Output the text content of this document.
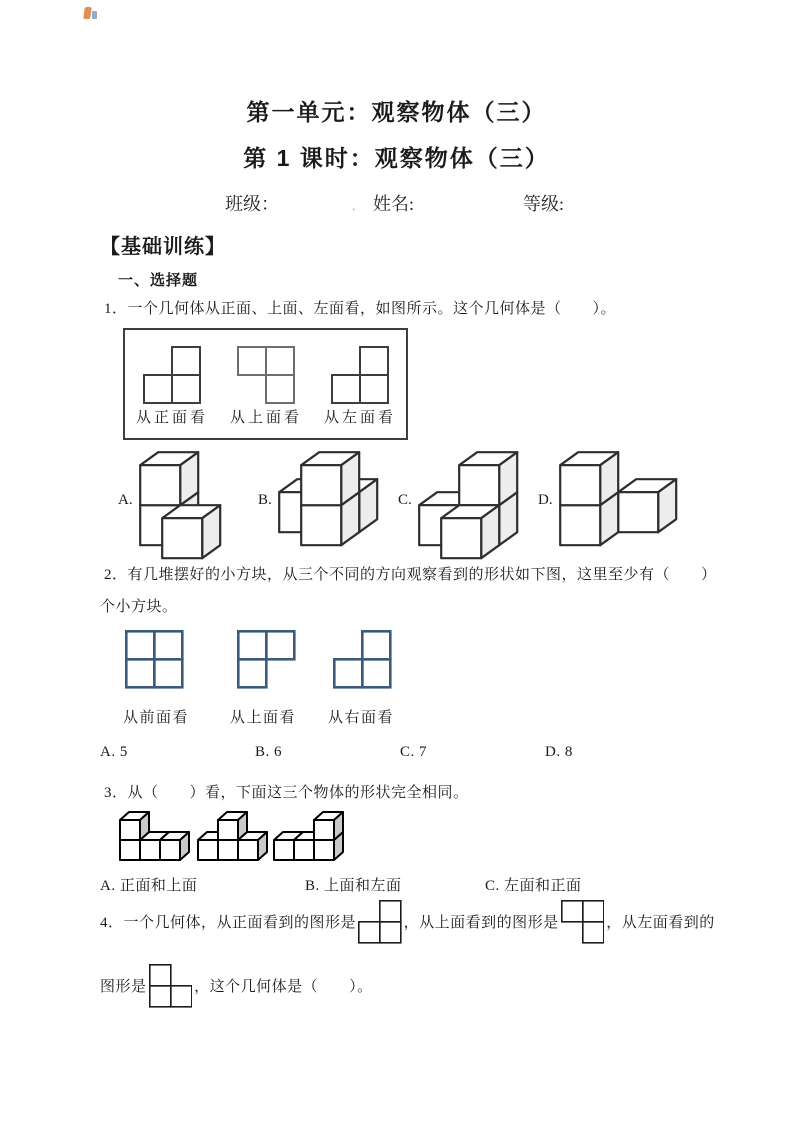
第一单元：观察物体（三）
第 1 课时：观察物体（三）
班级：	. 姓名:	等级:
【基础训练】
一、选择题
1．一个几何体从正面、上面、左面看，如图所示。这个几何体是（　　）。
从正面看 从上面看 从左面看
A.	B.	C.	D.
2．有几堆摆好的小方块，从三个不同的方向观察看到的形状如下图，这里至少有（　　）
个小方块。
从前面看	从上面看 从右面看
A. 5	B. 6	C. 7	D. 8
3．从（　　）看，下面这三个物体的形状完全相同。
A. 正面和上面	B. 上面和左面	C. 左面和正面
4．一个几何体，从正面看到的图形是	，从上面看到的图形是	，从左面看到的
图形是	，这个几何体是（　　）。
